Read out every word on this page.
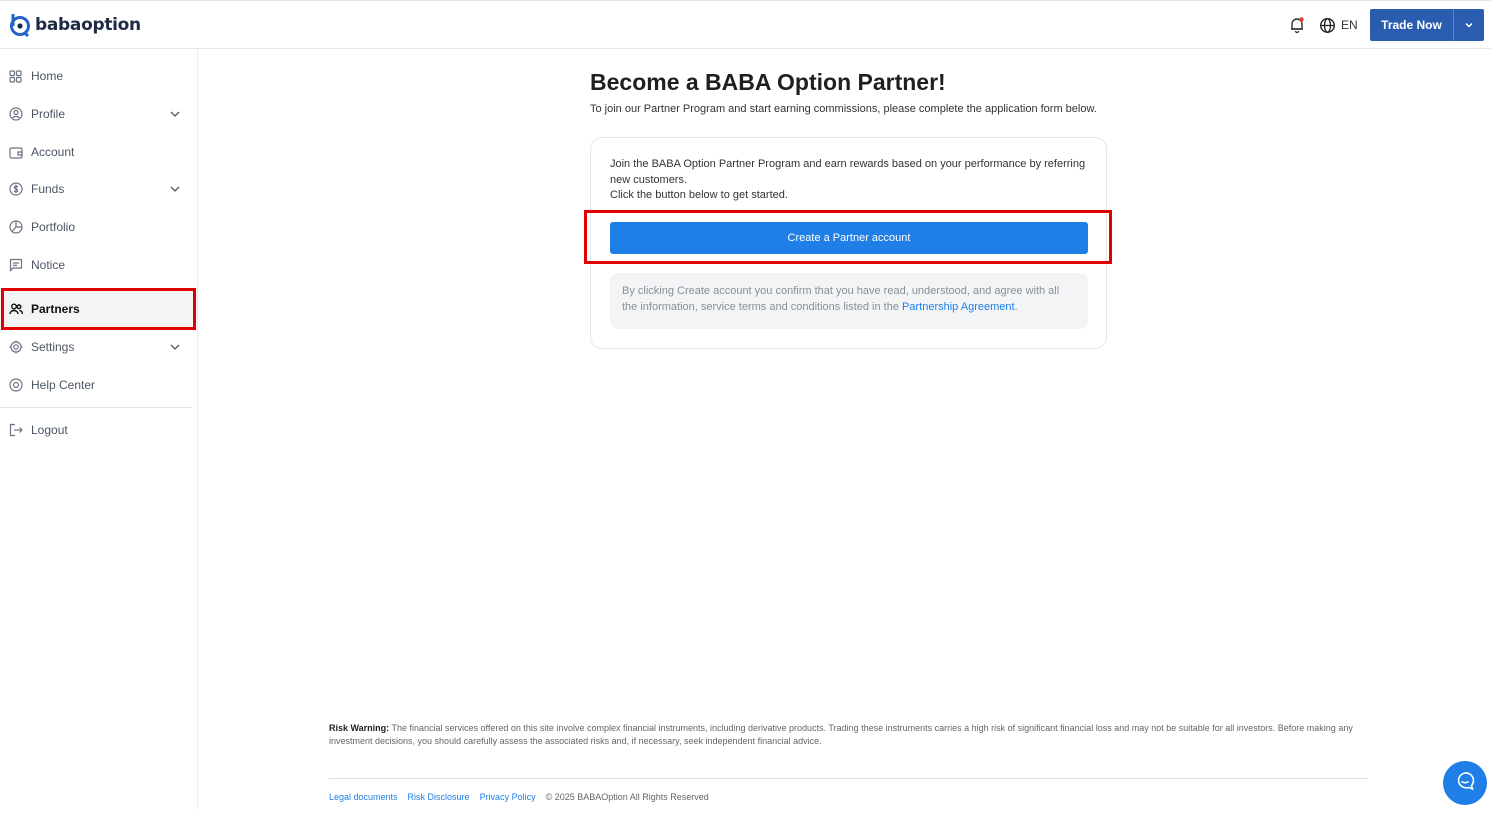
babaoption	EN	Trade Now
Home
Profile
Account
Funds
Portfolio
Notice
Partners
Settings
Help Center
Logout
Become a BABA Option Partner!

To join our Partner Program and start earning commissions, please complete the application form below.

Join the BABA Option Partner Program and earn rewards based on your performance by referring new customers.
Click the button below to get started.
Create a Partner account
By clicking Create account you confirm that you have read, understood, and agree with all the information, service terms and conditions listed in the Partnership Agreement.
Risk Warning: The financial services offered on this site involve complex financial instruments, including derivative products. Trading these instruments carries a high risk of significant financial loss and may not be suitable for all investors. Before making any investment decisions, you should carefully assess the associated risks and, if necessary, seek independent financial advice.
Legal documents Risk Disclosure Privacy Policy © 2025 BABAOption All Rights Reserved
